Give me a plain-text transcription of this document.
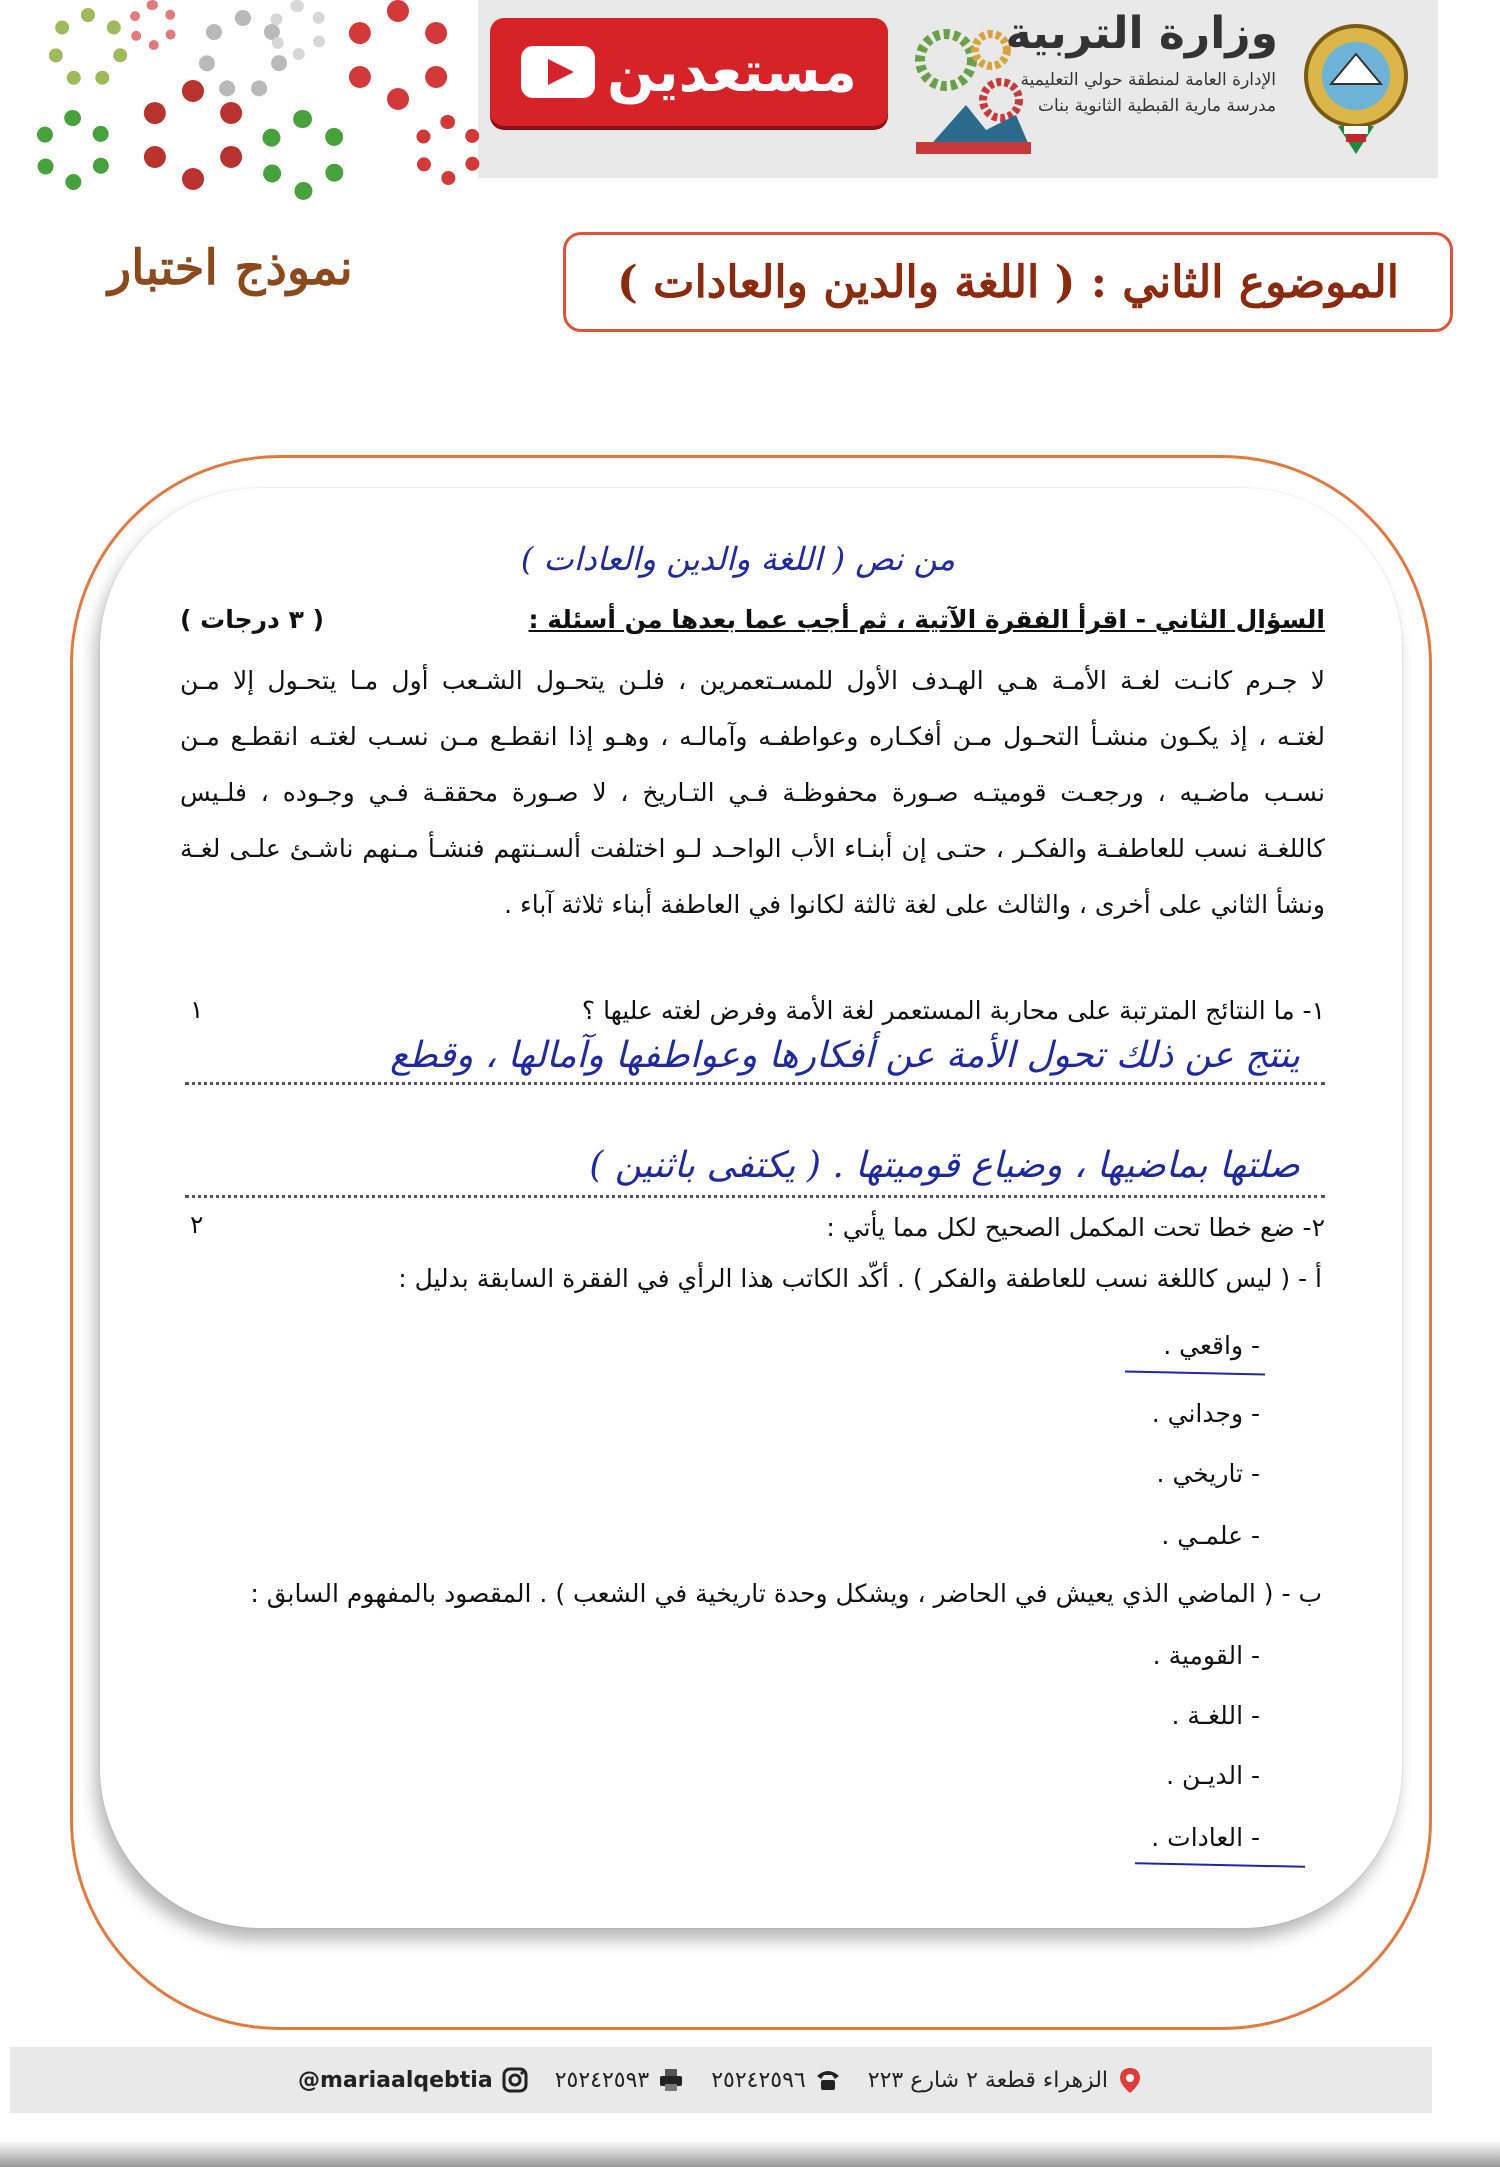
مستعدين
وزارة التربية
الإدارة العامة لمنطقة حولي التعليمية
مدرسة مارية القبطية الثانوية بنات
نموذج اختبار	الموضوع الثاني : ( اللغة والدين والعادات )
من نص ( اللغة والدين والعادات )
السؤال الثاني - اقرأ الفقرة الآتية ، ثم أجب عما بعدها من أسئلة :
( ٣ درجات )
لا جـرم كانـت لغـة الأمـة هـي الهـدف الأول للمسـتعمرين ، فلـن يتحـول الشـعب أول مـا يتحـول إلا مـن
لغتـه ، إذ يكـون منشـأ التحـول مـن أفكـاره وعواطفـه وآمالـه ، وهـو إذا انقطـع مـن نسـب لغتـه انقطـع مـن
نسـب ماضـيه ، ورجعـت قوميتـه صـورة محفوظـة فـي التـاريخ ، لا صـورة محققـة فـي وجـوده ، فلـيس
كاللغـة نسب للعاطفـة والفكـر ، حتـى إن أبنـاء الأب الواحـد لـو اختلفت ألسـنتهم فنشـأ مـنهم ناشـئ علـى لغـة
ونشأ الثاني على أخرى ، والثالث على لغة ثالثة لكانوا في العاطفة أبناء ثلاثة آباء .
١- ما النتائج المترتبة على محاربة المستعمر لغة الأمة وفرض لغته عليها ؟
١
ينتج عن ذلك تحول الأمة عن أفكارها وعواطفها وآمالها ، وقطع
صلتها بماضيها ، وضياع قوميتها . ( يكتفى باثنين )
٢- ضع خطا تحت المكمل الصحيح لكل مما يأتي :
٢
أ - ( ليس كاللغة نسب للعاطفة والفكر ) . أكّد الكاتب هذا الرأي في الفقرة السابقة بدليل :
- واقعي .
- وجداني .
- تاريخي .
- علمـي .
ب - ( الماضي الذي يعيش في الحاضر ، ويشكل وحدة تاريخية في الشعب ) . المقصود بالمفهوم السابق :
- القومية .
- اللغـة .
- الديـن .
- العادات .
@mariaalqebtia	٢٥٢٤٢٥٩٣	٢٥٢٤٢٥٩٦	الزهراء قطعة ٢ شارع ٢٢٣
